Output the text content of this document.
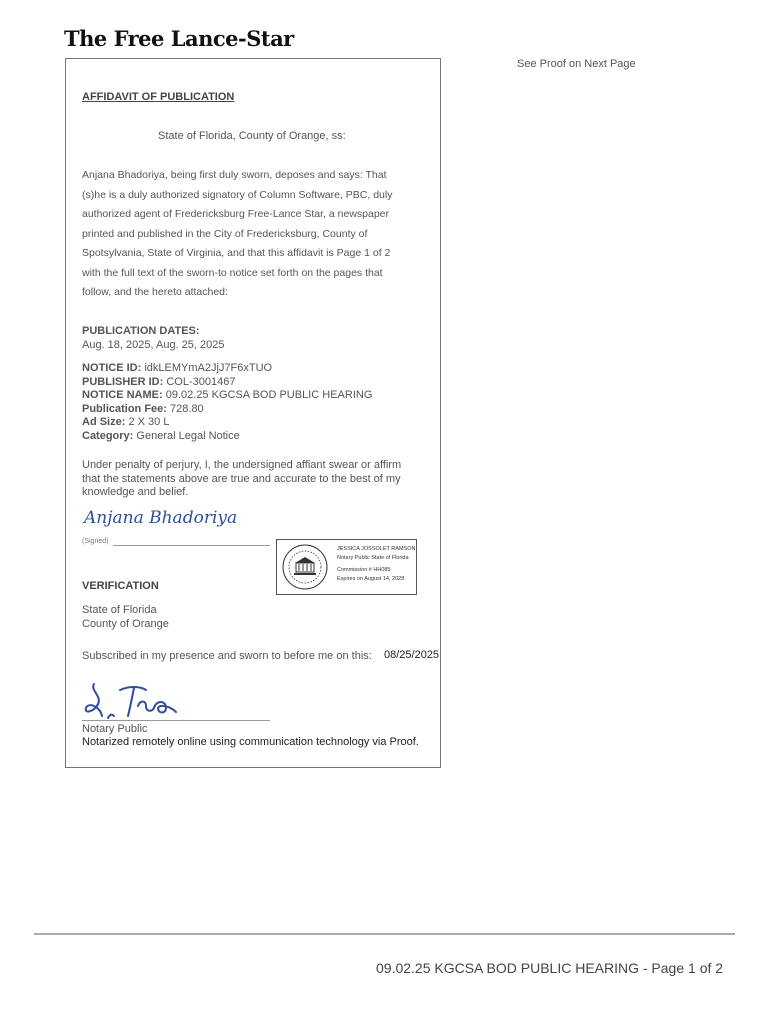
The Free Lance-Star
See Proof on Next Page
AFFIDAVIT OF PUBLICATION
State of Florida, County of Orange, ss:
Anjana Bhadoriya, being first duly sworn, deposes and says: That
(s)he is a duly authorized signatory of Column Software, PBC, duly
authorized agent of Fredericksburg Free-Lance Star, a newspaper
printed and published in the City of Fredericksburg, County of
Spotsylvania, State of Virginia, and that this affidavit is Page 1 of 2
with the full text of the sworn-to notice set forth on the pages that
follow, and the hereto attached:
PUBLICATION DATES:
Aug. 18, 2025, Aug. 25, 2025
NOTICE ID: idkLEMYmA2JjJ7F6xTUO
PUBLISHER ID: COL-3001467
NOTICE NAME: 09.02.25 KGCSA BOD PUBLIC HEARING
Publication Fee: 728.80
Ad Size: 2 X 30 L
Category: General Legal Notice
Under penalty of perjury, I, the undersigned affiant swear or affirm
that the statements above are true and accurate to the best of my
knowledge and belief.
Anjana Bhadoriya
(Signed)
JESSICA JOSSOLET RAMSON
Notary Public State of Florida
Commission # HH085
Expires on August 14, 2028
VERIFICATION
State of Florida
County of Orange
Subscribed in my presence and sworn to before me on this: 08/25/2025
Notary Public
Notarized remotely online using communication technology via Proof.
09.02.25 KGCSA BOD PUBLIC HEARING - Page 1 of 2
